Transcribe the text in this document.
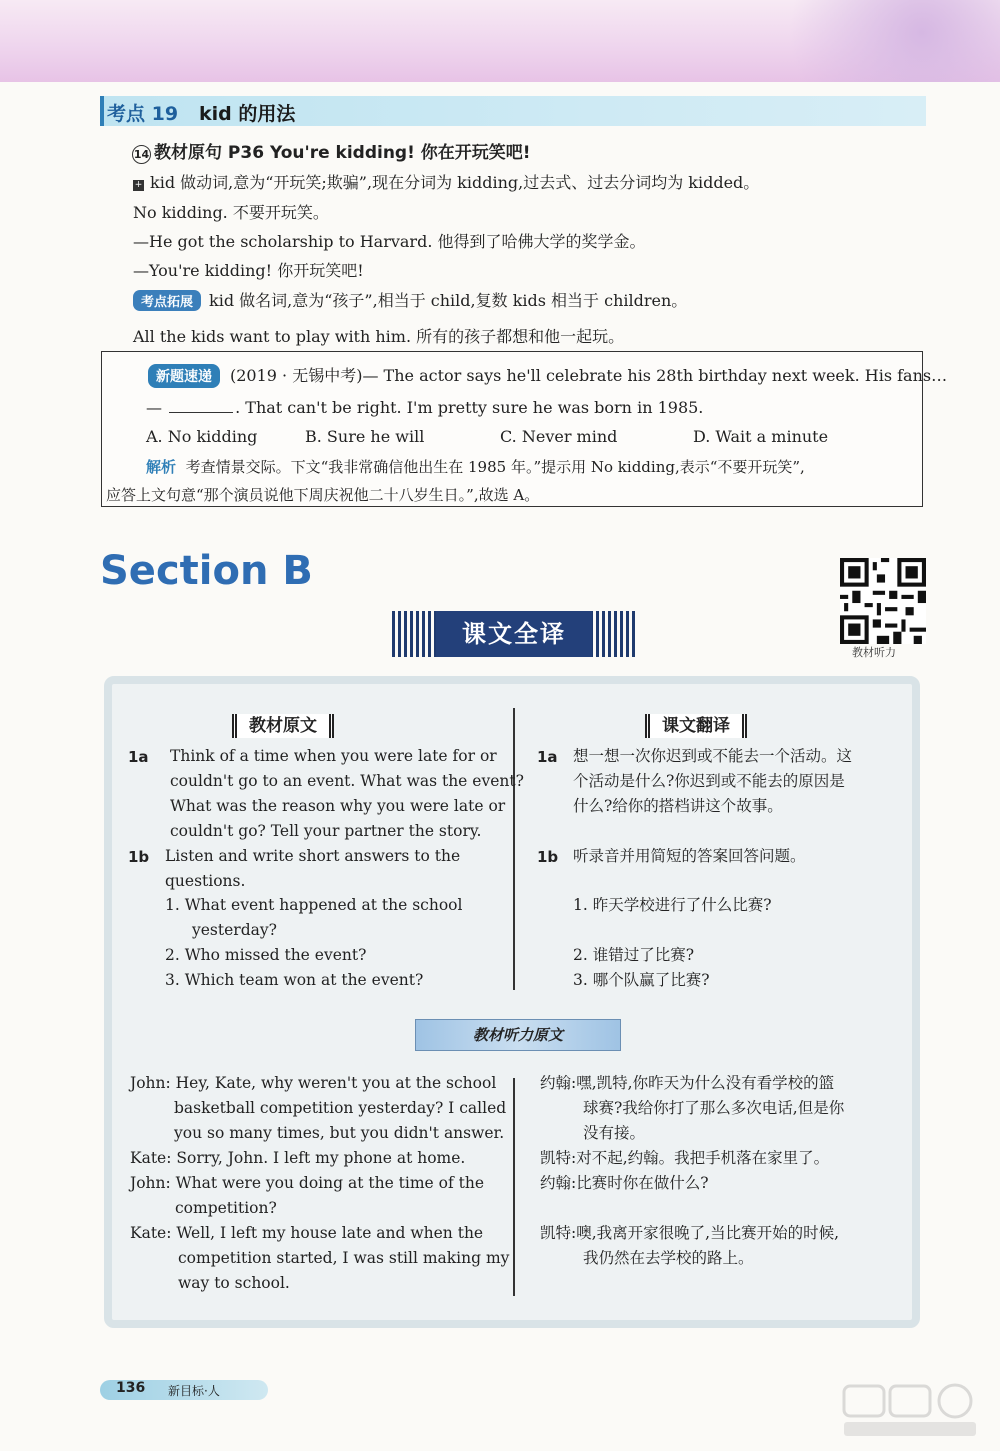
考点 19 kid 的用法
14 教材原句 P36 You're kidding! 你在开玩笑吧!
+ kid 做动词,意为“开玩笑;欺骗”,现在分词为 kidding,过去式、过去分词均为 kidded。
No kidding. 不要开玩笑。
—He got the scholarship to Harvard. 他得到了哈佛大学的奖学金。
—You're kidding! 你开玩笑吧!
考点拓展 kid 做名词,意为“孩子”,相当于 child,复数 kids 相当于 children。
All the kids want to play with him. 所有的孩子都想和他一起玩。
新题速递 (2019 · 无锡中考)— The actor says he'll celebrate his 28th birthday next week. His fans…
—	. That can't be right. I'm pretty sure he was born in 1985.
A. No kidding	B. Sure he will	C. Never mind	D. Wait a minute
解析 考查情景交际。下文“我非常确信他出生在 1985 年。”提示用 No kidding,表示“不要开玩笑”,
应答上文句意“那个演员说他下周庆祝他二十八岁生日。”,故选 A。
Section B
教材听力
课文全译
教材原文	课文翻译
1a Think of a time when you were late for or
couldn't go to an event. What was the event?
What was the reason why you were late or
couldn't go? Tell your partner the story.
1b Listen and write short answers to the
questions.
1. What event happened at the school
yesterday?
2. Who missed the event?
3. Which team won at the event?
1a 想一想一次你迟到或不能去一个活动。这
个活动是什么?你迟到或不能去的原因是
什么?给你的搭档讲这个故事。
1b 听录音并用简短的答案回答问题。
1. 昨天学校进行了什么比赛?
2. 谁错过了比赛?
3. 哪个队赢了比赛?
教材听力原文
John: Hey, Kate, why weren't you at the school
basketball competition yesterday? I called
you so many times, but you didn't answer.
Kate: Sorry, John. I left my phone at home.
John: What were you doing at the time of the
competition?
Kate: Well, I left my house late and when the
competition started, I was still making my
way to school.
约翰:嘿,凯特,你昨天为什么没有看学校的篮
球赛?我给你打了那么多次电话,但是你
没有接。
凯特:对不起,约翰。我把手机落在家里了。
约翰:比赛时你在做什么?
凯特:噢,我离开家很晚了,当比赛开始的时候,
我仍然在去学校的路上。
136 新目标·人
